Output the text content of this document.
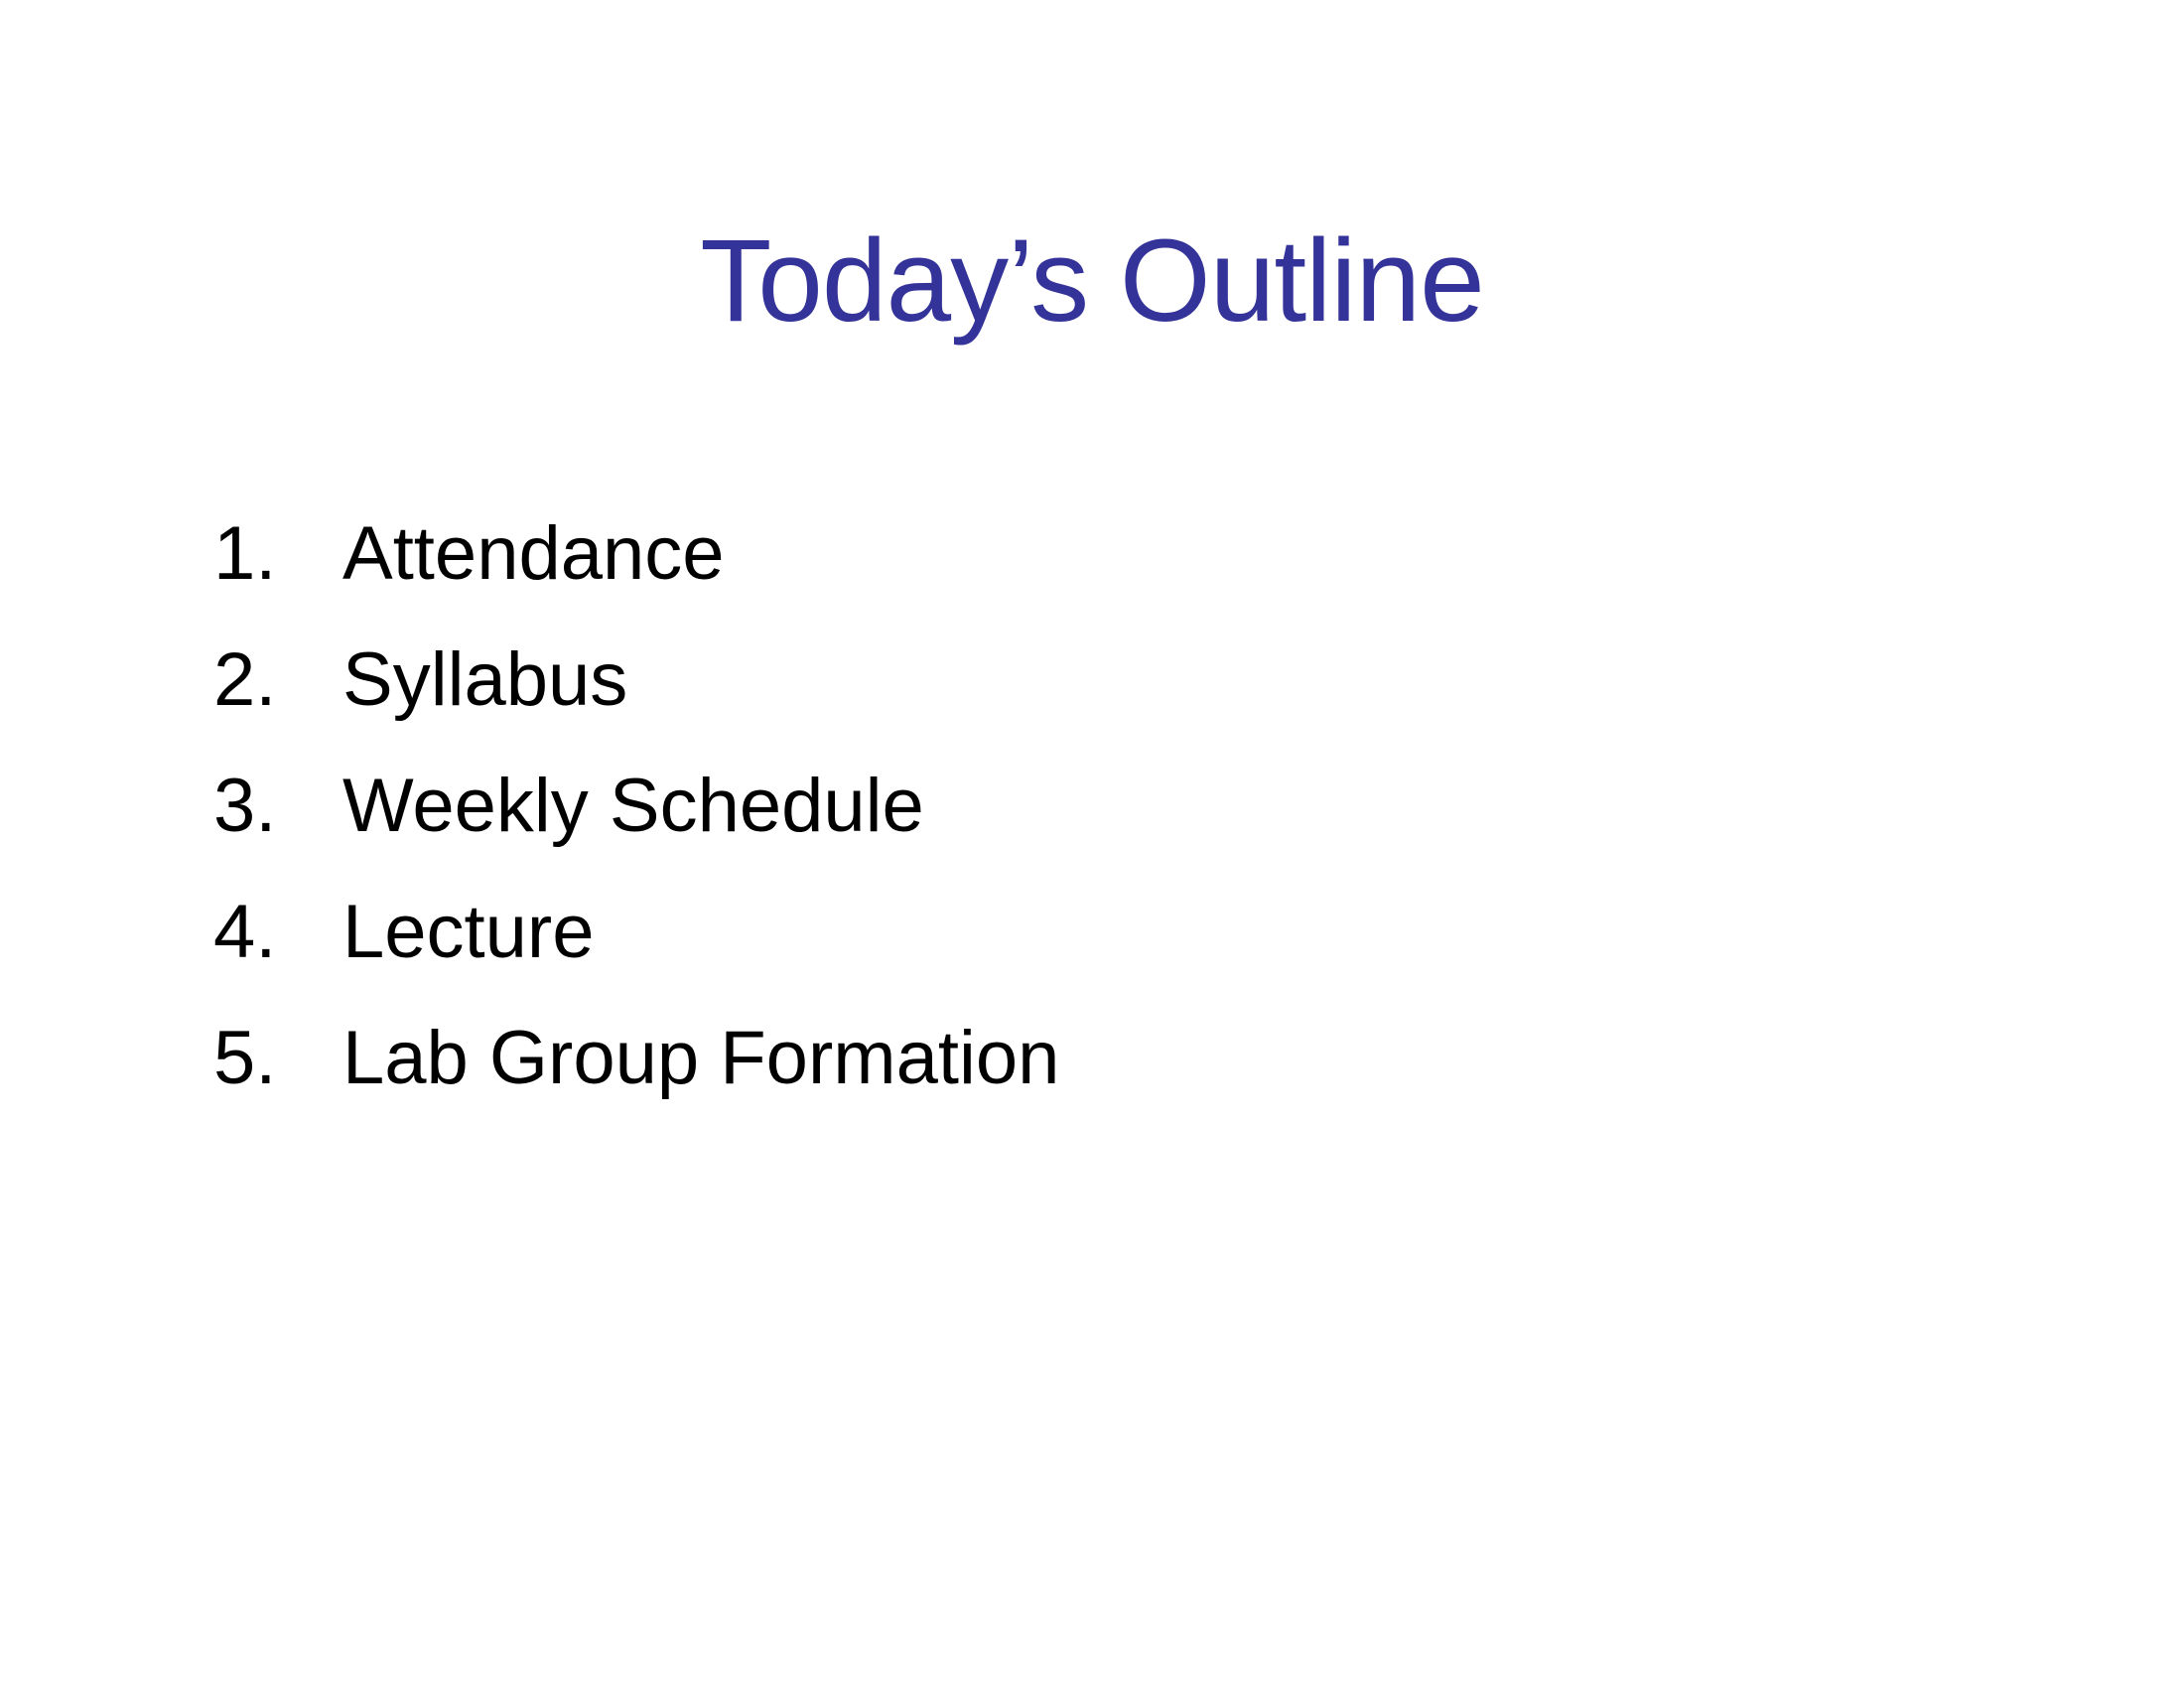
Today’s Outline
1. Attendance
2. Syllabus
3. Weekly Schedule
4. Lecture
5. Lab Group Formation
